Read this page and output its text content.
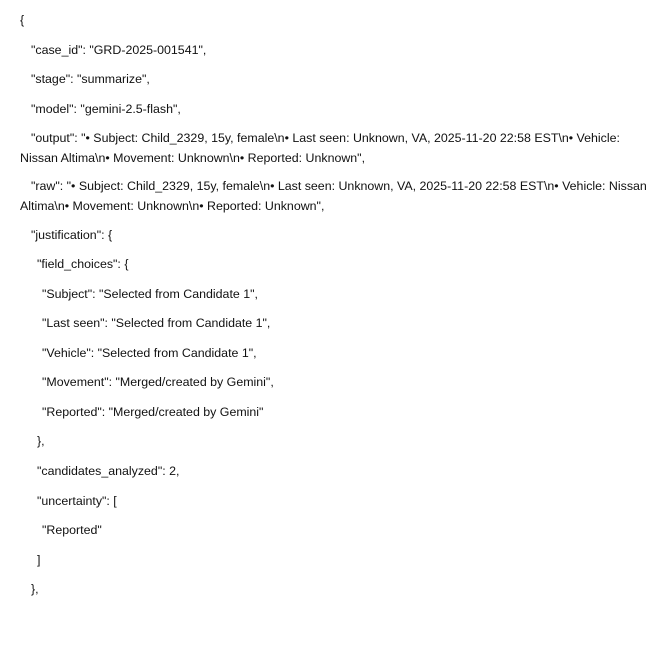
{
"case_id": "GRD-2025-001541",
"stage": "summarize",
"model": "gemini-2.5-flash",
"output": "• Subject: Child_2329, 15y, female\n• Last seen: Unknown, VA, 2025-11-20 22:58 EST\n• Vehicle: Nissan Altima\n• Movement: Unknown\n• Reported: Unknown",
"raw": "• Subject: Child_2329, 15y, female\n• Last seen: Unknown, VA, 2025-11-20 22:58 EST\n• Vehicle: Nissan Altima\n• Movement: Unknown\n• Reported: Unknown",
"justification": {
"field_choices": {
"Subject": "Selected from Candidate 1",
"Last seen": "Selected from Candidate 1",
"Vehicle": "Selected from Candidate 1",
"Movement": "Merged/created by Gemini",
"Reported": "Merged/created by Gemini"
},
"candidates_analyzed": 2,
"uncertainty": [
"Reported"
]
},
